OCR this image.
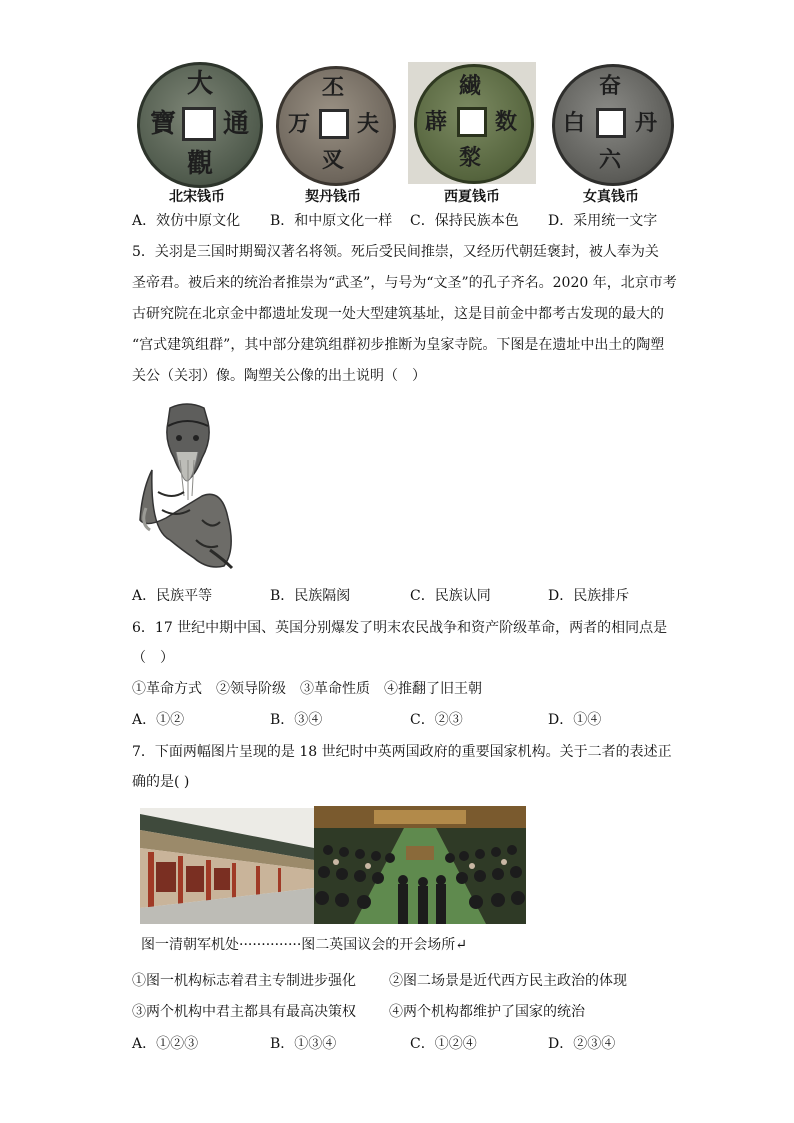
大
通
觀
寶
北宋钱币
丕
夫
㕚
万
契丹钱币
繊
数
湬
薜
西夏钱币
奋
丹
六
白
女真钱币
A．效仿中原文化 B．和中原文化一样 C．保持民族本色 D．采用统一文字
5．关羽是三国时期蜀汉著名将领。死后受民间推崇，又经历代朝廷褒封，被人奉为关
圣帝君。被后来的统治者推崇为“武圣”，与号为“文圣”的孔子齐名。2020 年，北京市考
古研究院在北京金中都遗址发现一处大型建筑基址，这是目前金中都考古发现的最大的
“宫式建筑组群”，其中部分建筑组群初步推断为皇家寺院。下图是在遗址中出土的陶塑
关公（关羽）像。陶塑关公像的出土说明（　）
A．民族平等	B．民族隔阂	C．民族认同	D．民族排斥
6．17 世纪中期中国、英国分别爆发了明末农民战争和资产阶级革命，两者的相同点是
（　）
①革命方式　②领导阶级　③革命性质　④推翻了旧王朝
A．①②	B．③④	C．②③	D．①④
7．下面两幅图片呈现的是 18 世纪时中英两国政府的重要国家机构。关于二者的表述正
确的是( )
图一清朝军机处··············图二英国议会的开会场所↵
①图一机构标志着君主专制进步强化 ②图二场景是近代西方民主政治的体现
③两个机构中君主都具有最高决策权 ④两个机构都维护了国家的统治
A．①②③	B．①③④	C．①②④	D．②③④
